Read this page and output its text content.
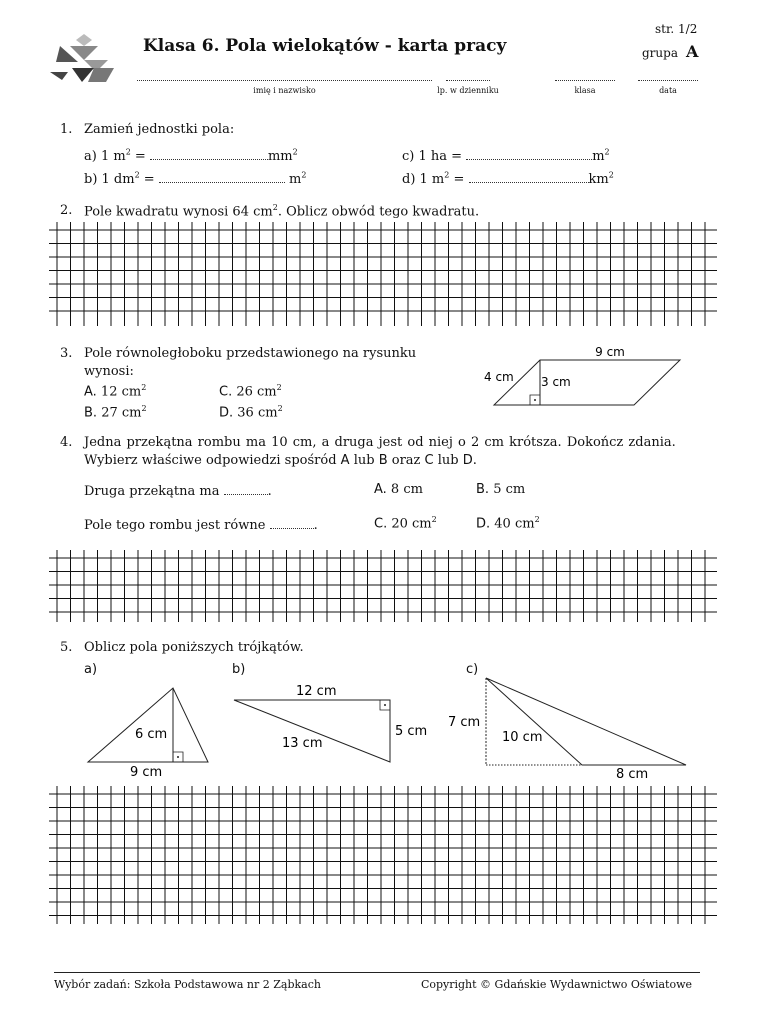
Klasa 6. Pola wielokątów - karta pracy
str. 1/2
grupa A
imię i nazwisko	lp. w dzienniku	klasa	data
1. Zamień jednostki pola:
a) 1 $m^2$ =	$mm^2$
b) 1 $dm^2$ =	$m^2$
c) 1 ha =	$m^2$
d) 1 $m^2$ =	$km^2$
2. Pole kwadratu wynosi 64 $cm^2$. Oblicz obwód tego kwadratu.
3. Pole równoległoboku przedstawionego na rysunku
wynosi:
A. 12 $cm^2$
B. 27 $cm^2$
C. 26 $cm^2$
D. 36 $cm^2$
9 cm
4 cm 3 cm
4. Jedna przekątna rombu ma 10 cm, a druga jest od niej o 2 cm krótsza. Dokończ zdania.
Wybierz właściwe odpowiedzi spośród A lub B oraz C lub D.
Druga przekątna ma	.
Pole tego rombu jest równe	.
A. 8 cm	B. 5 cm
C. 20 $cm^2$	D. 40 $cm^2$
5. Oblicz pola poniższych trójkątów.
a)	b)	c)
6 cm
9 cm
12 cm
5 cm
13 cm
7 cm
10 cm
8 cm
Wybór zadań: Szkoła Podstawowa nr 2 Ząbkach	Copyright © Gdańskie Wydawnictwo Oświatowe
